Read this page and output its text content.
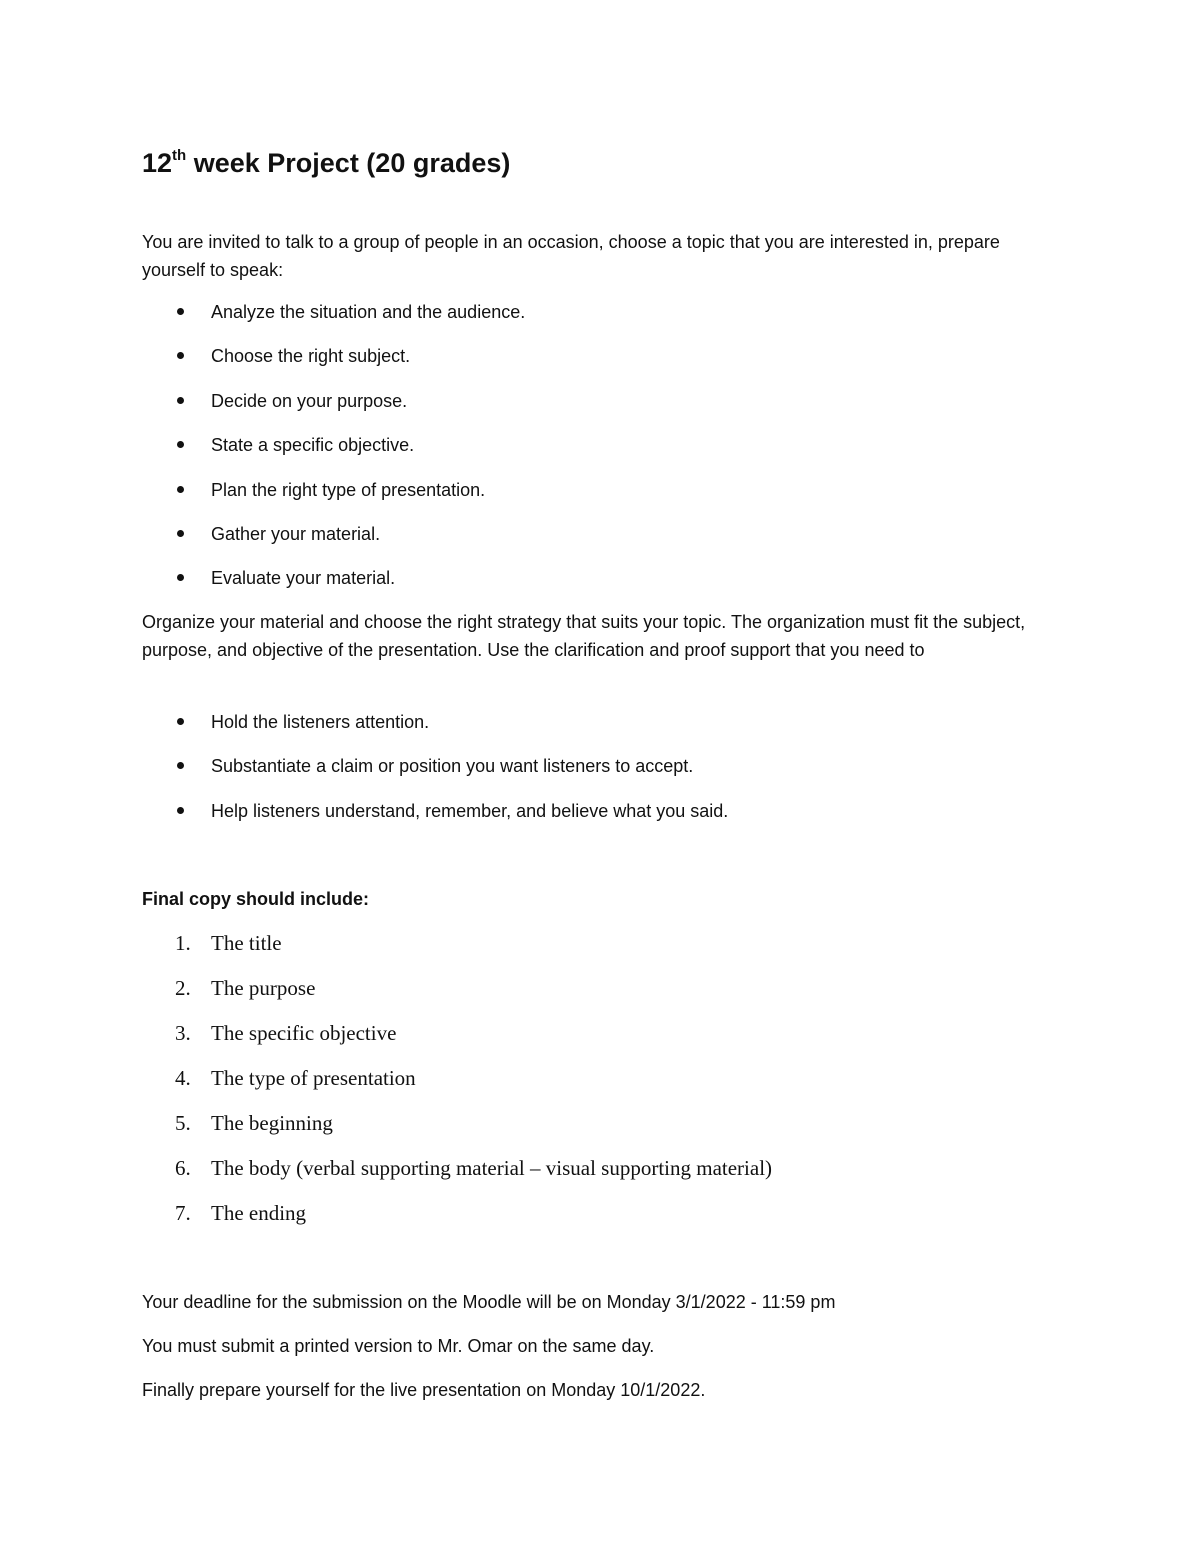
12th week Project (20 grades)
You are invited to talk to a group of people in an occasion, choose a topic that you are interested in, prepare yourself to speak:
Analyze the situation and the audience.
Choose the right subject.
Decide on your purpose.
State a specific objective.
Plan the right type of presentation.
Gather your material.
Evaluate your material.
Organize your material and choose the right strategy that suits your topic. The organization must fit the subject, purpose, and objective of the presentation. Use the clarification and proof support that you need to
Hold the listeners attention.
Substantiate a claim or position you want listeners to accept.
Help listeners understand, remember, and believe what you said.
Final copy should include:
1. The title
2. The purpose
3. The specific objective
4. The type of presentation
5. The beginning
6. The body (verbal supporting material – visual supporting material)
7. The ending
Your deadline for the submission on the Moodle will be on Monday 3/1/2022 - 11:59 pm
You must submit a printed version to Mr. Omar on the same day.
Finally prepare yourself for the live presentation on Monday 10/1/2022.
